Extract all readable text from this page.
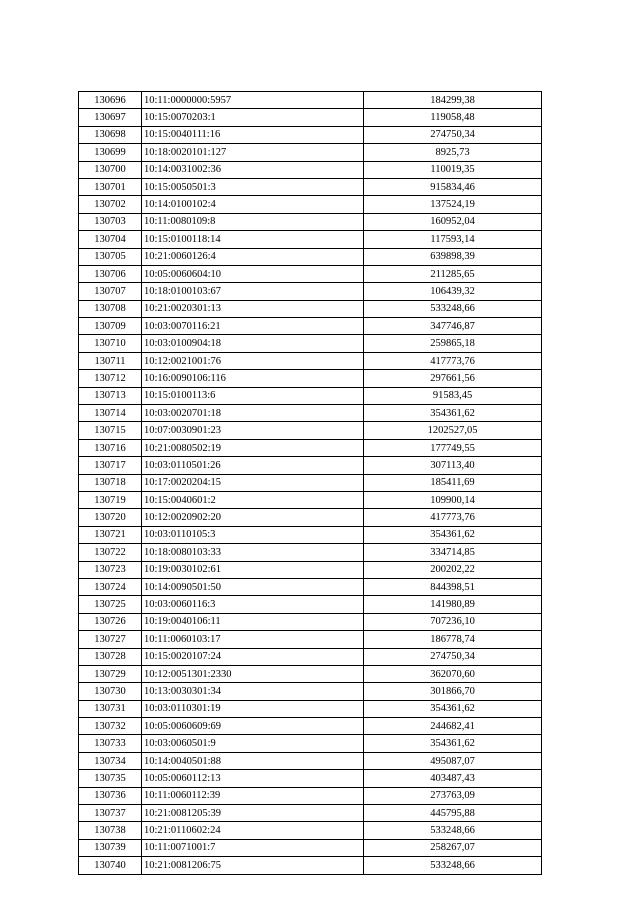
130696	10:11:0000000:5957	184299,38
130697	10:15:0070203:1	119058,48
130698	10:15:0040111:16	274750,34
130699	10:18:0020101:127	8925,73
130700	10:14:0031002:36	110019,35
130701	10:15:0050501:3	915834,46
130702	10:14:0100102:4	137524,19
130703	10:11:0080109:8	160952,04
130704	10:15:0100118:14	117593,14
130705	10:21:0060126:4	639898,39
130706	10:05:0060604:10	211285,65
130707	10:18:0100103:67	106439,32
130708	10:21:0020301:13	533248,66
130709	10:03:0070116:21	347746,87
130710	10:03:0100904:18	259865,18
130711	10:12:0021001:76	417773,76
130712	10:16:0090106:116	297661,56
130713	10:15:0100113:6	91583,45
130714	10:03:0020701:18	354361,62
130715	10:07:0030901:23	1202527,05
130716	10:21:0080502:19	177749,55
130717	10:03:0110501:26	307113,40
130718	10:17:0020204:15	185411,69
130719	10:15:0040601:2	109900,14
130720	10:12:0020902:20	417773,76
130721	10:03:0110105:3	354361,62
130722	10:18:0080103:33	334714,85
130723	10:19:0030102:61	200202,22
130724	10:14:0090501:50	844398,51
130725	10:03:0060116:3	141980,89
130726	10:19:0040106:11	707236,10
130727	10:11:0060103:17	186778,74
130728	10:15:0020107:24	274750,34
130729	10:12:0051301:2330	362070,60
130730	10:13:0030301:34	301866,70
130731	10:03:0110301:19	354361,62
130732	10:05:0060609:69	244682,41
130733	10:03:0060501:9	354361,62
130734	10:14:0040501:88	495087,07
130735	10:05:0060112:13	403487,43
130736	10:11:0060112:39	273763,09
130737	10:21:0081205:39	445795,88
130738	10:21:0110602:24	533248,66
130739	10:11:0071001:7	258267,07
130740	10:21:0081206:75	533248,66
